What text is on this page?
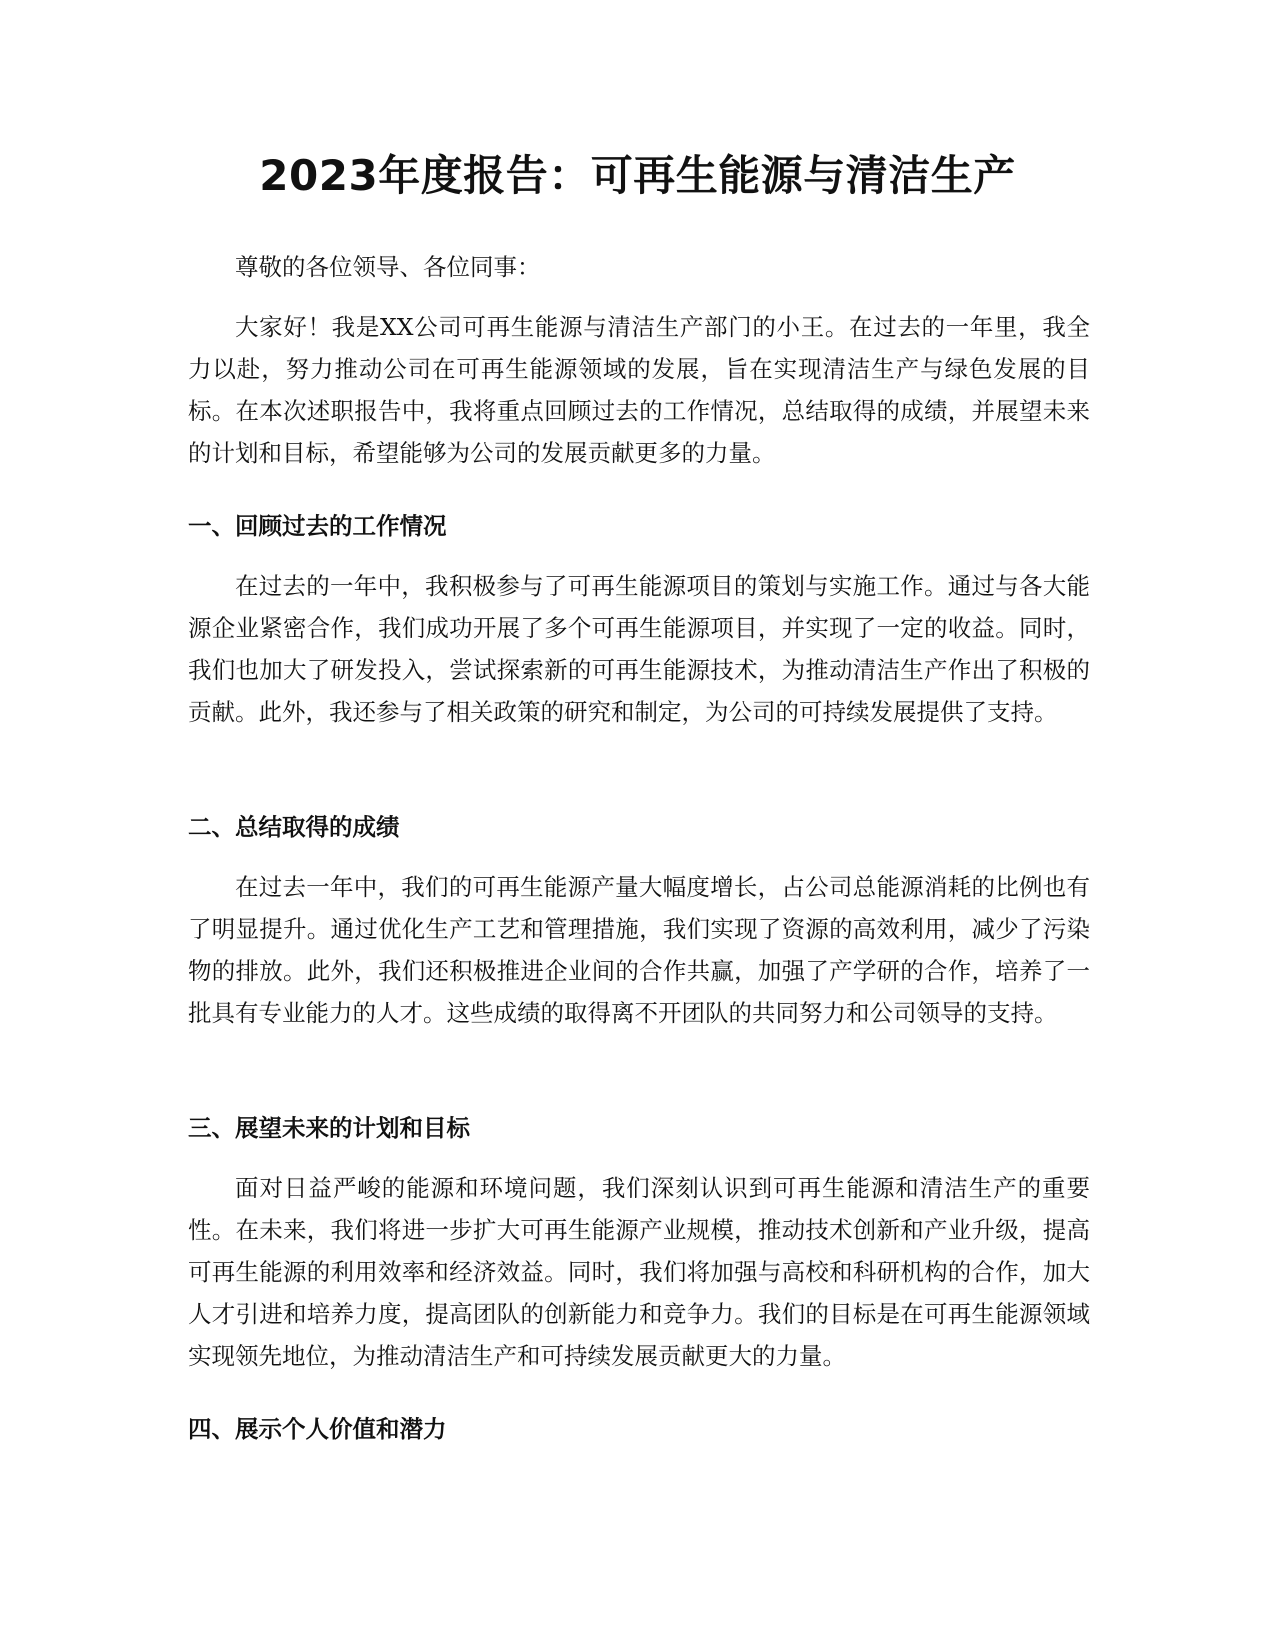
2023年度报告：可再生能源与清洁生产

尊敬的各位领导、各位同事：

大家好！我是XX公司可再生能源与清洁生产部门的小王。在过去的一年里，我全力以赴，努力推动公司在可再生能源领域的发展，旨在实现清洁生产与绿色发展的目标。在本次述职报告中，我将重点回顾过去的工作情况，总结取得的成绩，并展望未来的计划和目标，希望能够为公司的发展贡献更多的力量。

一、回顾过去的工作情况

在过去的一年中，我积极参与了可再生能源项目的策划与实施工作。通过与各大能源企业紧密合作，我们成功开展了多个可再生能源项目，并实现了一定的收益。同时，我们也加大了研发投入，尝试探索新的可再生能源技术，为推动清洁生产作出了积极的贡献。此外，我还参与了相关政策的研究和制定，为公司的可持续发展提供了支持。

二、总结取得的成绩

在过去一年中，我们的可再生能源产量大幅度增长，占公司总能源消耗的比例也有了明显提升。通过优化生产工艺和管理措施，我们实现了资源的高效利用，减少了污染物的排放。此外，我们还积极推进企业间的合作共赢，加强了产学研的合作，培养了一批具有专业能力的人才。这些成绩的取得离不开团队的共同努力和公司领导的支持。

三、展望未来的计划和目标

面对日益严峻的能源和环境问题，我们深刻认识到可再生能源和清洁生产的重要性。在未来，我们将进一步扩大可再生能源产业规模，推动技术创新和产业升级，提高可再生能源的利用效率和经济效益。同时，我们将加强与高校和科研机构的合作，加大人才引进和培养力度，提高团队的创新能力和竞争力。我们的目标是在可再生能源领域实现领先地位，为推动清洁生产和可持续发展贡献更大的力量。

四、展示个人价值和潜力
